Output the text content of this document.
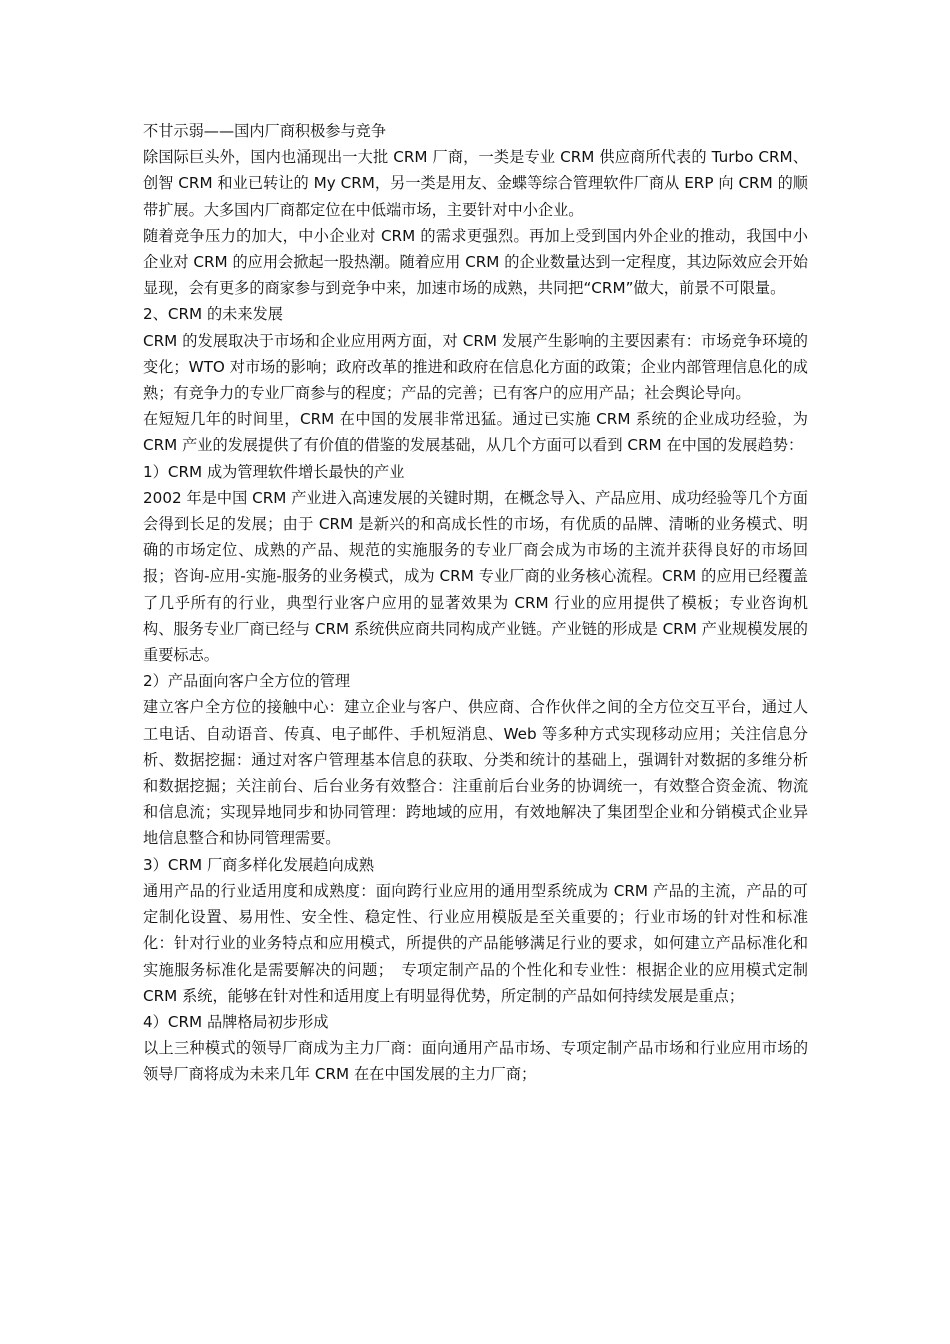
不甘示弱——国内厂商积极参与竞争

除国际巨头外，国内也涌现出一大批 CRM 厂商，一类是专业 CRM 供应商所代表的 Turbo CRM、创智 CRM 和业已转让的 My CRM，另一类是用友、金蝶等综合管理软件厂商从 ERP 向 CRM 的顺带扩展。大多国内厂商都定位在中低端市场，主要针对中小企业。

随着竞争压力的加大，中小企业对 CRM 的需求更强烈。再加上受到国内外企业的推动，我国中小企业对 CRM 的应用会掀起一股热潮。随着应用 CRM 的企业数量达到一定程度，其边际效应会开始显现，会有更多的商家参与到竞争中来，加速市场的成熟，共同把“CRM”做大，前景不可限量。

2、CRM 的未来发展

CRM 的发展取决于市场和企业应用两方面，对 CRM 发展产生影响的主要因素有：市场竞争环境的变化；WTO 对市场的影响；政府改革的推进和政府在信息化方面的政策；企业内部管理信息化的成熟；有竞争力的专业厂商参与的程度；产品的完善；已有客户的应用产品；社会舆论导向。

在短短几年的时间里，CRM 在中国的发展非常迅猛。通过已实施 CRM 系统的企业成功经验，为 CRM 产业的发展提供了有价值的借鉴的发展基础，从几个方面可以看到 CRM 在中国的发展趋势：

1）CRM 成为管理软件增长最快的产业

2002 年是中国 CRM 产业进入高速发展的关键时期，在概念导入、产品应用、成功经验等几个方面会得到长足的发展；由于 CRM 是新兴的和高成长性的市场，有优质的品牌、清晰的业务模式、明确的市场定位、成熟的产品、规范的实施服务的专业厂商会成为市场的主流并获得良好的市场回报；咨询-应用-实施-服务的业务模式，成为 CRM 专业厂商的业务核心流程。CRM 的应用已经覆盖了几乎所有的行业，典型行业客户应用的显著效果为 CRM 行业的应用提供了模板；专业咨询机构、服务专业厂商已经与 CRM 系统供应商共同构成产业链。产业链的形成是 CRM 产业规模发展的重要标志。

2）产品面向客户全方位的管理

建立客户全方位的接触中心：建立企业与客户、供应商、合作伙伴之间的全方位交互平台，通过人工电话、自动语音、传真、电子邮件、手机短消息、Web 等多种方式实现移动应用；关注信息分析、数据挖掘：通过对客户管理基本信息的获取、分类和统计的基础上，强调针对数据的多维分析和数据挖掘；关注前台、后台业务有效整合：注重前后台业务的协调统一，有效整合资金流、物流和信息流；实现异地同步和协同管理：跨地域的应用，有效地解决了集团型企业和分销模式企业异地信息整合和协同管理需要。

3）CRM 厂商多样化发展趋向成熟

通用产品的行业适用度和成熟度：面向跨行业应用的通用型系统成为 CRM 产品的主流，产品的可定制化设置、易用性、安全性、稳定性、行业应用模版是至关重要的；行业市场的针对性和标准化：针对行业的业务特点和应用模式，所提供的产品能够满足行业的要求，如何建立产品标准化和实施服务标准化是需要解决的问题；　专项定制产品的个性化和专业性：根据企业的应用模式定制 CRM 系统，能够在针对性和适用度上有明显得优势，所定制的产品如何持续发展是重点；

4）CRM 品牌格局初步形成

以上三种模式的领导厂商成为主力厂商：面向通用产品市场、专项定制产品市场和行业应用市场的领导厂商将成为未来几年 CRM 在在中国发展的主力厂商；
